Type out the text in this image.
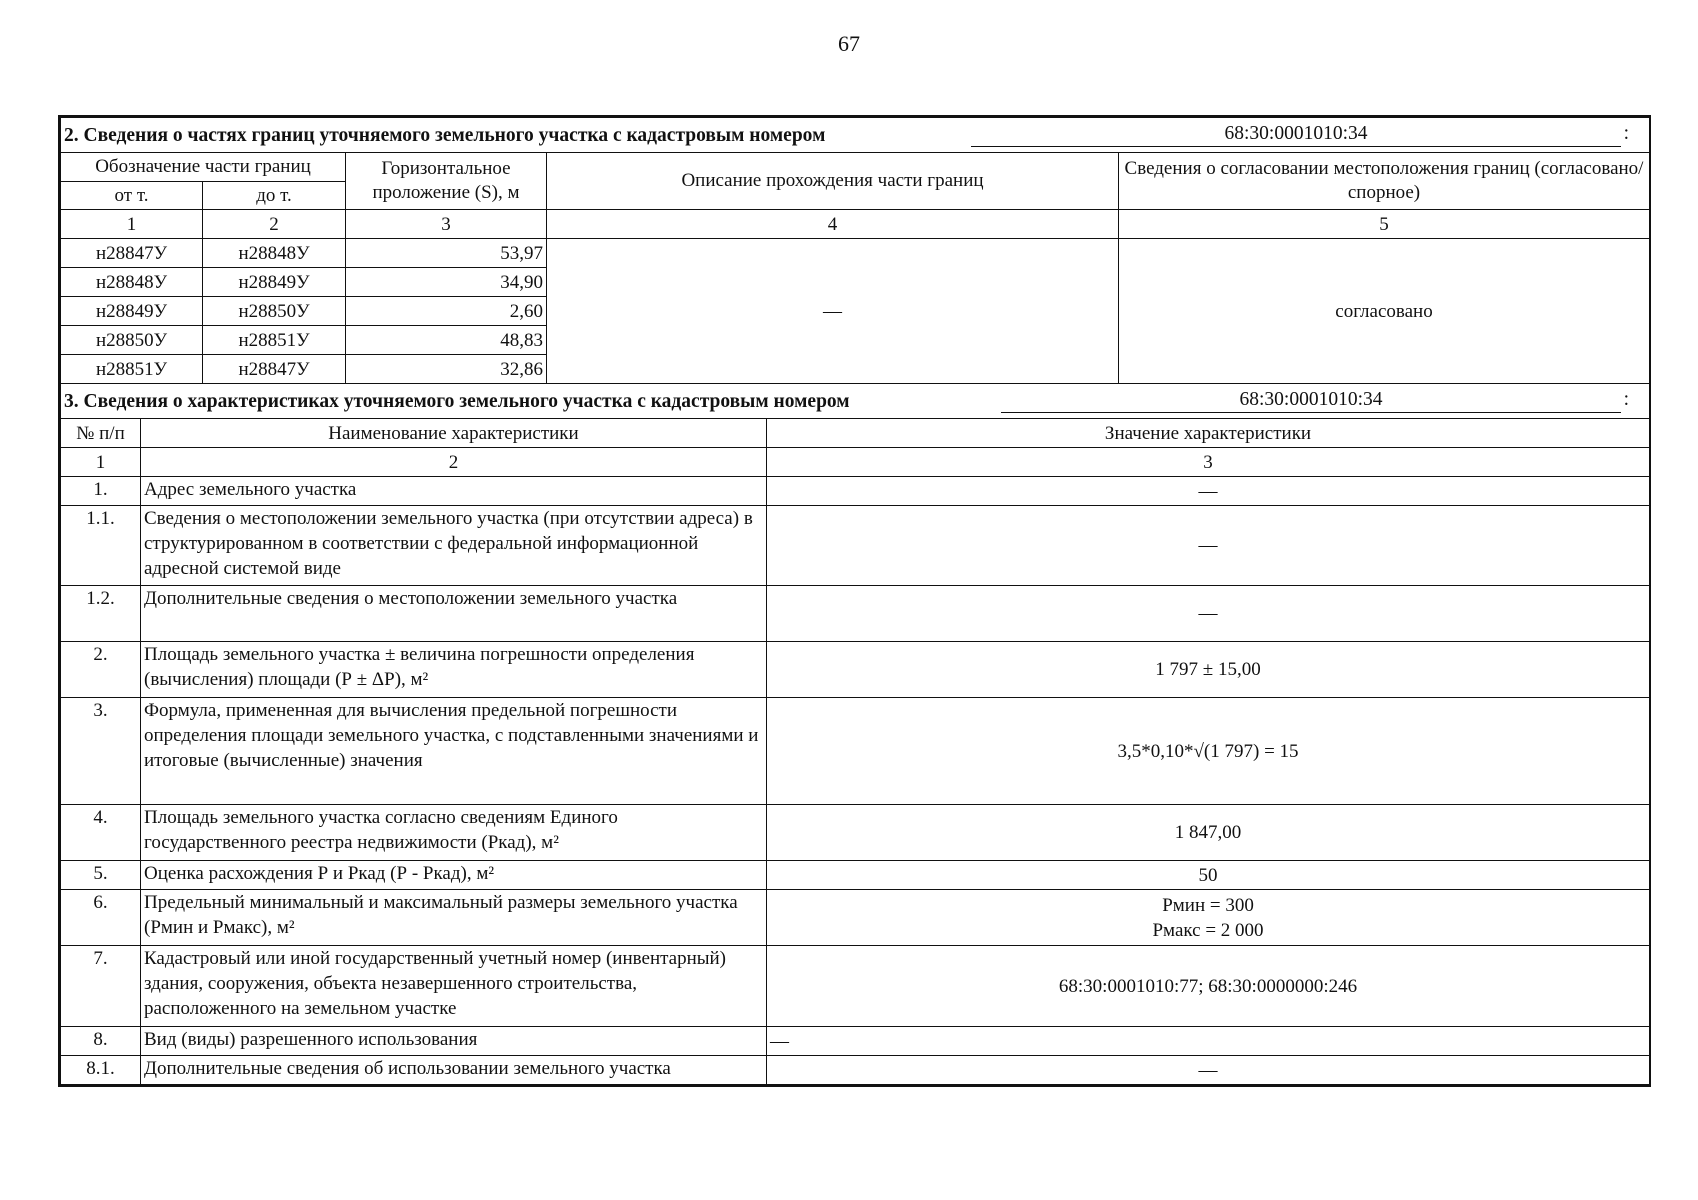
67
2. Сведения о частях границ уточняемого земельного участка с кадастровым номером 68:30:0001010:34 :				

Обозначение части границ		Горизонтальное проложение (S), м	Описание прохождения части границ	Сведения о согласовании местоположения границ (согласовано/спорное)
от т.	до т.			
1	2	3	4	5
н28847У	н28848У	53,97	—	согласовано
н28848У	н28849У	34,90		
н28849У	н28850У	2,60		
н28850У	н28851У	48,83		
н28851У	н28847У	32,86		
3. Сведения о характеристиках уточняемого земельного участка с кадастровым номером 68:30:0001010:34 :		

№ п/п	Наименование характеристики	Значение характеристики
1	2	3
1.	Адрес земельного участка	—
1.1.	Сведения о местоположении земельного участка (при отсутствии адреса) в структурированном в соответствии с федеральной информационной адресной системой виде	—
1.2.	Дополнительные сведения о местоположении земельного участка	—
2.	Площадь земельного участка ± величина погрешности определения (вычисления) площади (Р ± ΔР), м²	1 797 ± 15,00
3.	Формула, примененная для вычисления предельной погрешности определения площади земельного участка, с подставленными значениями и итоговые (вычисленные) значения	3,5*0,10*√(1 797) = 15
4.	Площадь земельного участка согласно сведениям Единого государственного реестра недвижимости (Ркад), м²	1 847,00
5.	Оценка расхождения Р и Ркад (Р - Ркад), м²	50
6.	Предельный минимальный и максимальный размеры земельного участка (Рмин и Рмакс), м²	Рмин = 300
Рмакс = 2 000

7.	Кадастровый или иной государственный учетный номер (инвентарный) здания, сооружения, объекта незавершенного строительства, расположенного на земельном участке	68:30:0001010:77; 68:30:0000000:246
8.	Вид (виды) разрешенного использования	—
8.1.	Дополнительные сведения об использовании земельного участка	—
